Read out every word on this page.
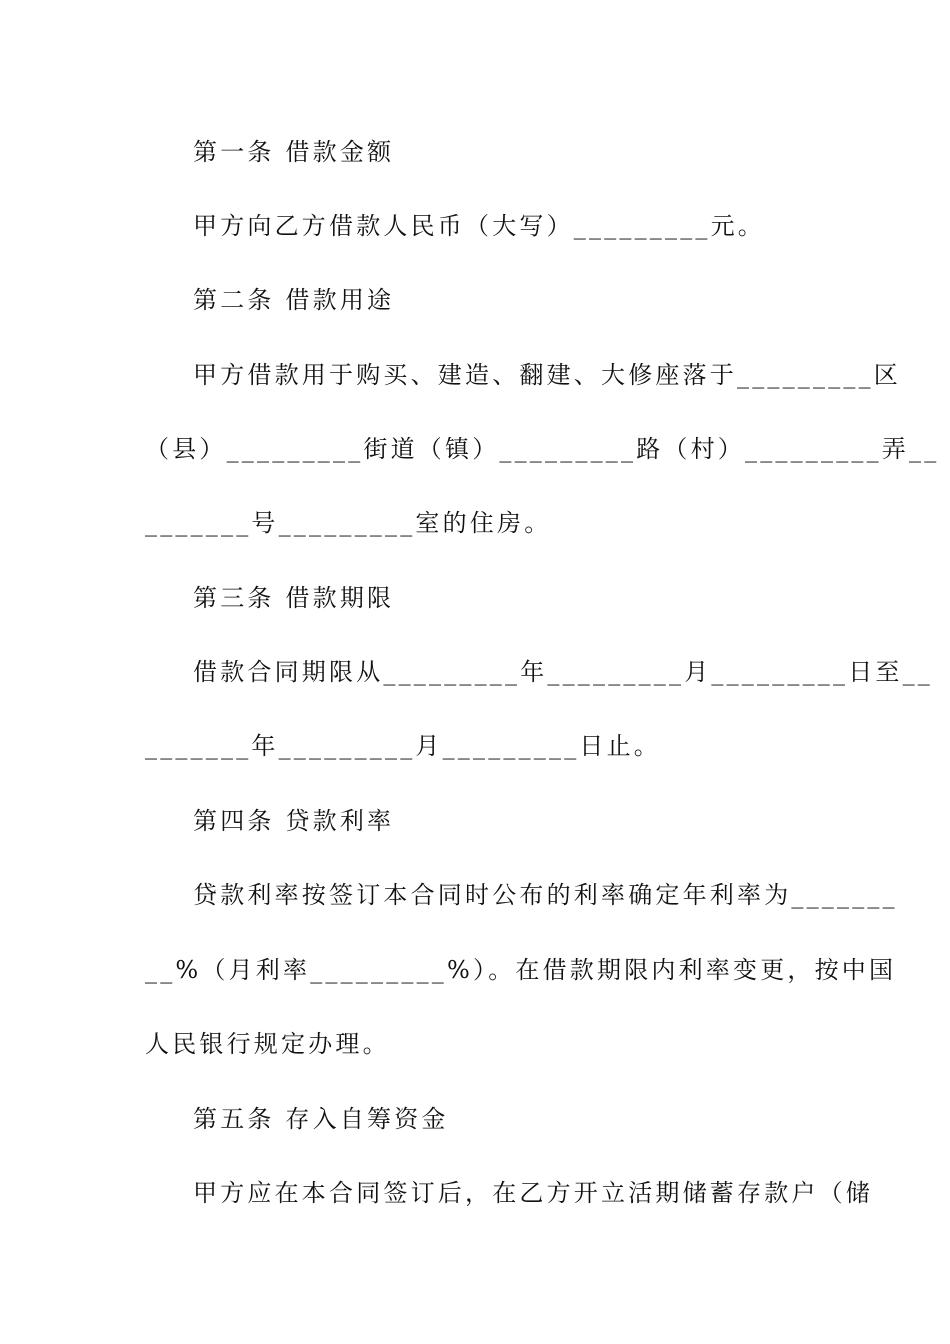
第一条 借款金额
甲方向乙方借款人民币（大写）_________元。
第二条 借款用途
甲方借款用于购买、建造、翻建、大修座落于_________区
（县）_________街道（镇）_________路（村）_________弄__
_______号_________室的住房。
第三条 借款期限
借款合同期限从_________年_________月_________日至__
_______年_________月_________日止。
第四条 贷款利率
贷款利率按签订本合同时公布的利率确定年利率为_______
__%（月利率_________%）。在借款期限内利率变更，按中国
人民银行规定办理。
第五条 存入自筹资金
甲方应在本合同签订后，在乙方开立活期储蓄存款户（储
